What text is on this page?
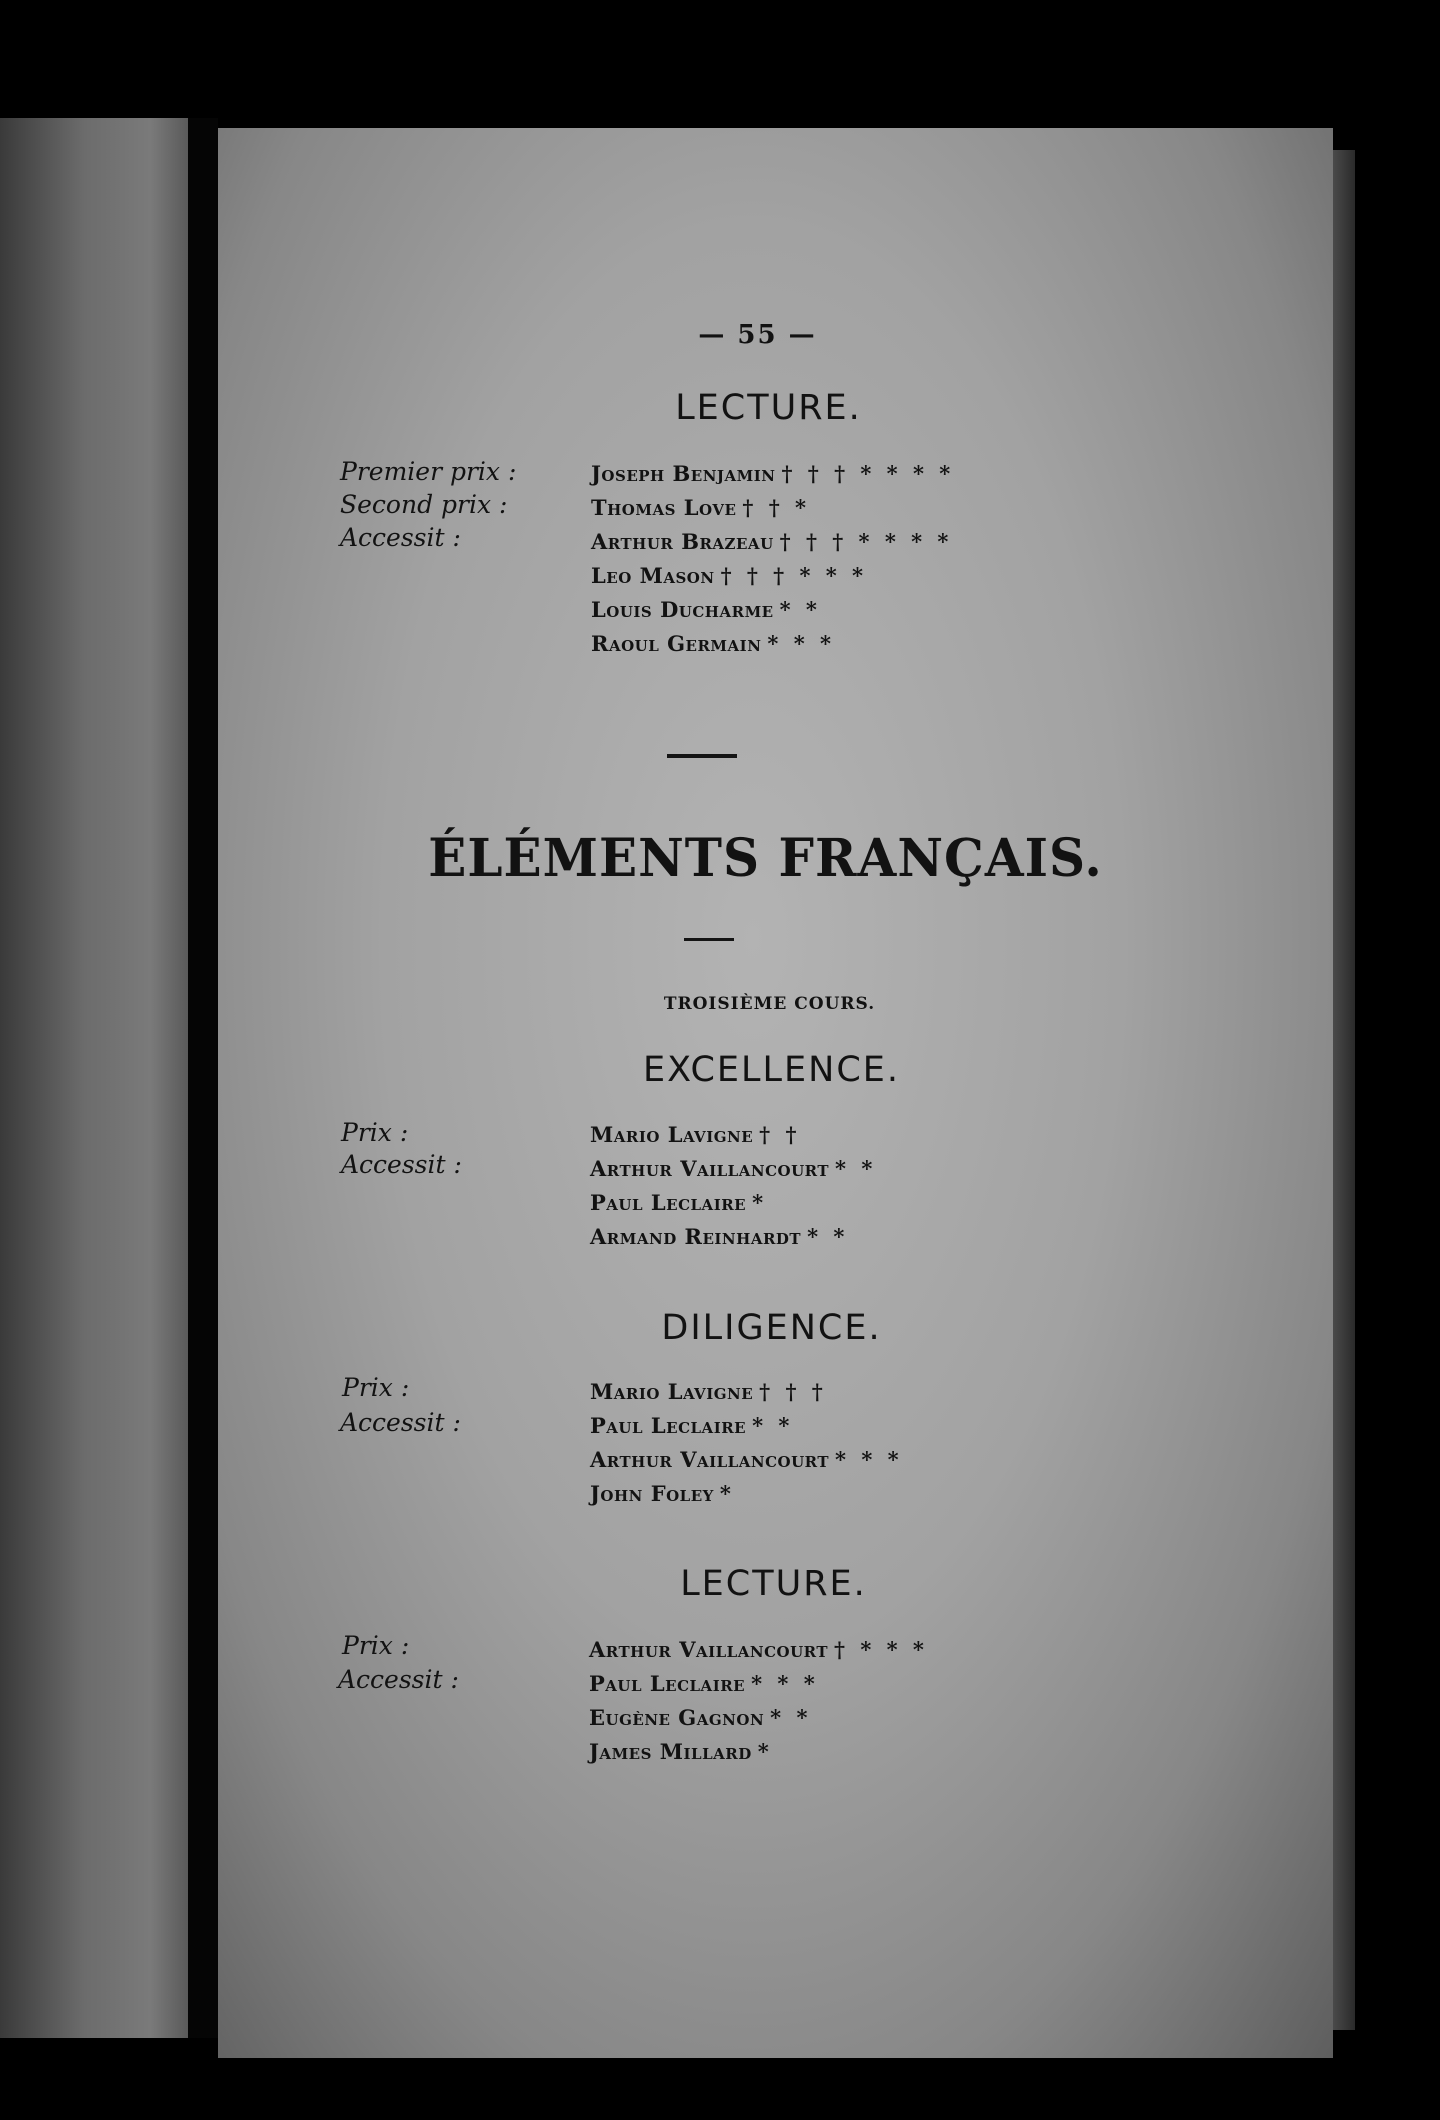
— 55 —
LECTURE.
Premier prix :
Second prix :
Accessit :
Joseph Benjamin † † † * * * *
Thomas Love † † *
Arthur Brazeau † † † * * * *
Leo Mason † † † * * *
Louis Ducharme * *
Raoul Germain * * *
ÉLÉMENTS FRANÇAIS.
TROISIÈME COURS.
EXCELLENCE.
Prix :
Accessit :
Mario Lavigne † †
Arthur Vaillancourt * *
Paul Leclaire *
Armand Reinhardt * *
DILIGENCE.
Prix :
Accessit :
Mario Lavigne † † †
Paul Leclaire * *
Arthur Vaillancourt * * *
John Foley *
LECTURE.
Prix :
Accessit :
Arthur Vaillancourt † * * *
Paul Leclaire * * *
Eugène Gagnon * *
James Millard *
